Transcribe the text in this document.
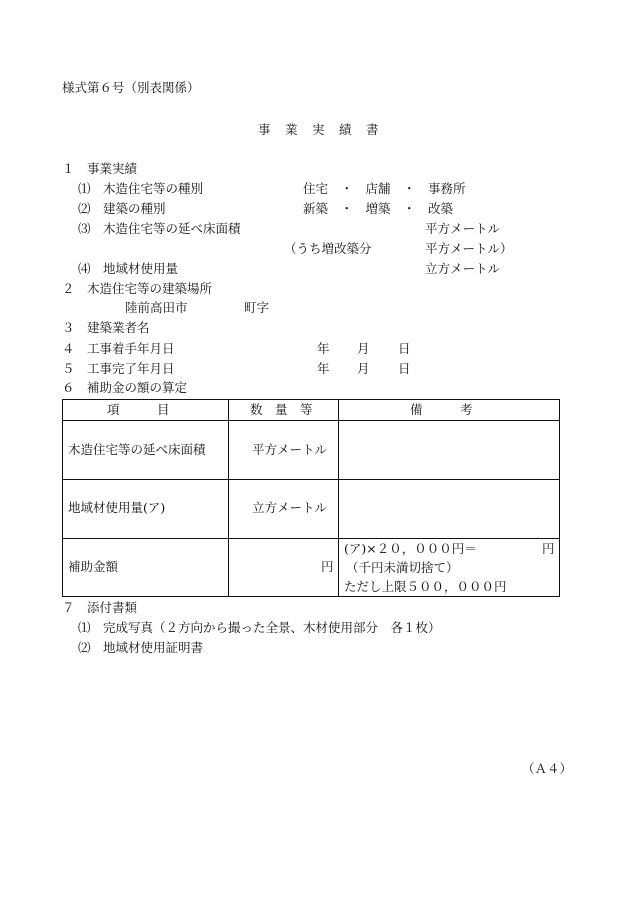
様式第６号（別表関係）
事　業　実　績　書
１　事業実績
⑴　木造住宅等の種別	住宅　・　店舗　・　事務所
⑵　建築の種別	新築　・　増築　・　改築
⑶　木造住宅等の延べ床面積	平方メートル
（うち増改築分	平方メートル）
⑷　地域材使用量	立方メートル
２　木造住宅等の建築場所
陸前高田市	町字
３　建築業者名
４　工事着手年月日	年 月 日
５　工事完了年月日	年 月 日
６　補助金の額の算定
項　　　目	数　量　等	備　　　考
木造住宅等の延べ床面積	平方メートル
地域材使用量(ア)	立方メートル
補助金額	円
(ア)×２０，０００円＝	円
（千円未満切捨て）
ただし上限５００，０００円
７　添付書類
⑴　完成写真（２方向から撮った全景、木材使用部分　各１枚）
⑵　地域材使用証明書
（Ａ４）
